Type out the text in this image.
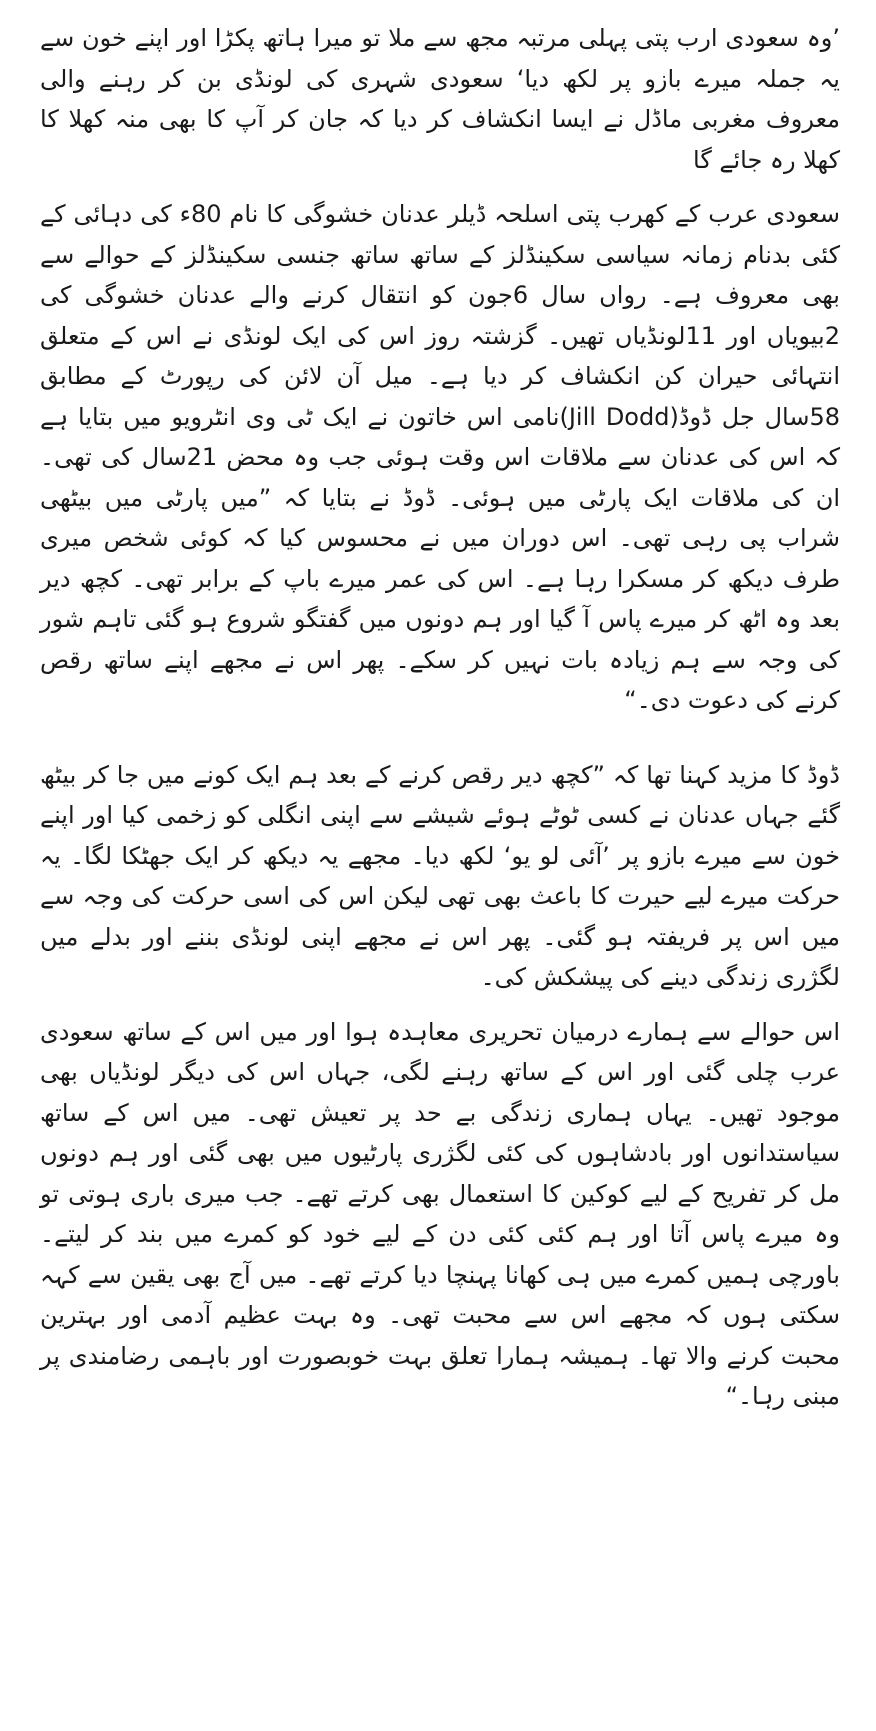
’وہ سعودی ارب پتی پہلی مرتبہ مجھ سے ملا تو میرا ہاتھ پکڑا اور اپنے خون سے یہ جملہ میرے بازو پر لکھ دیا‘ سعودی شہری کی لونڈی بن کر رہنے والی معروف مغربی ماڈل نے ایسا انکشاف کر دیا کہ جان کر آپ کا بھی منہ کھلا کا کھلا رہ جائے گا

سعودی عرب کے کھرب پتی اسلحہ ڈیلر عدنان خشوگی کا نام 80ء کی دہائی کے کئی بدنام زمانہ سیاسی سکینڈلز کے ساتھ ساتھ جنسی سکینڈلز کے حوالے سے بھی معروف ہے۔ رواں سال 6جون کو انتقال کرنے والے عدنان خشوگی کی 2بیویاں اور 11لونڈیاں تھیں۔ گزشتہ روز اس کی ایک لونڈی نے اس کے متعلق انتہائی حیران کن انکشاف کر دیا ہے۔ میل آن لائن کی رپورٹ کے مطابق 58سال جل ڈوڈ(Jill Dodd)نامی اس خاتون نے ایک ٹی وی انٹرویو میں بتایا ہے کہ اس کی عدنان سے ملاقات اس وقت ہوئی جب وہ محض 21سال کی تھی۔ ان کی ملاقات ایک پارٹی میں ہوئی۔ ڈوڈ نے بتایا کہ ”میں پارٹی میں بیٹھی شراب پی رہی تھی۔ اس دوران میں نے محسوس کیا کہ کوئی شخص میری طرف دیکھ کر مسکرا رہا ہے۔ اس کی عمر میرے باپ کے برابر تھی۔ کچھ دیر بعد وہ اٹھ کر میرے پاس آ گیا اور ہم دونوں میں گفتگو شروع ہو گئی تاہم شور کی وجہ سے ہم زیادہ بات نہیں کر سکے۔ پھر اس نے مجھے اپنے ساتھ رقص کرنے کی دعوت دی۔“

ڈوڈ کا مزید کہنا تھا کہ ”کچھ دیر رقص کرنے کے بعد ہم ایک کونے میں جا کر بیٹھ گئے جہاں عدنان نے کسی ٹوٹے ہوئے شیشے سے اپنی انگلی کو زخمی کیا اور اپنے خون سے میرے بازو پر ’آئی لو یو‘ لکھ دیا۔ مجھے یہ دیکھ کر ایک جھٹکا لگا۔ یہ حرکت میرے لیے حیرت کا باعث بھی تھی لیکن اس کی اسی حرکت کی وجہ سے میں اس پر فریفتہ ہو گئی۔ پھر اس نے مجھے اپنی لونڈی بننے اور بدلے میں لگژری زندگی دینے کی پیشکش کی۔

اس حوالے سے ہمارے درمیان تحریری معاہدہ ہوا اور میں اس کے ساتھ سعودی عرب چلی گئی اور اس کے ساتھ رہنے لگی، جہاں اس کی دیگر لونڈیاں بھی موجود تھیں۔ یہاں ہماری زندگی بے حد پر تعیش تھی۔ میں اس کے ساتھ سیاستدانوں اور بادشاہوں کی کئی لگژری پارٹیوں میں بھی گئی اور ہم دونوں مل کر تفریح کے لیے کوکین کا استعمال بھی کرتے تھے۔ جب میری باری ہوتی تو وہ میرے پاس آتا اور ہم کئی کئی دن کے لیے خود کو کمرے میں بند کر لیتے۔ باورچی ہمیں کمرے میں ہی کھانا پہنچا دیا کرتے تھے۔ میں آج بھی یقین سے کہہ سکتی ہوں کہ مجھے اس سے محبت تھی۔ وہ بہت عظیم آدمی اور بہترین محبت کرنے والا تھا۔ ہمیشہ ہمارا تعلق بہت خوبصورت اور باہمی رضامندی پر مبنی رہا۔“
